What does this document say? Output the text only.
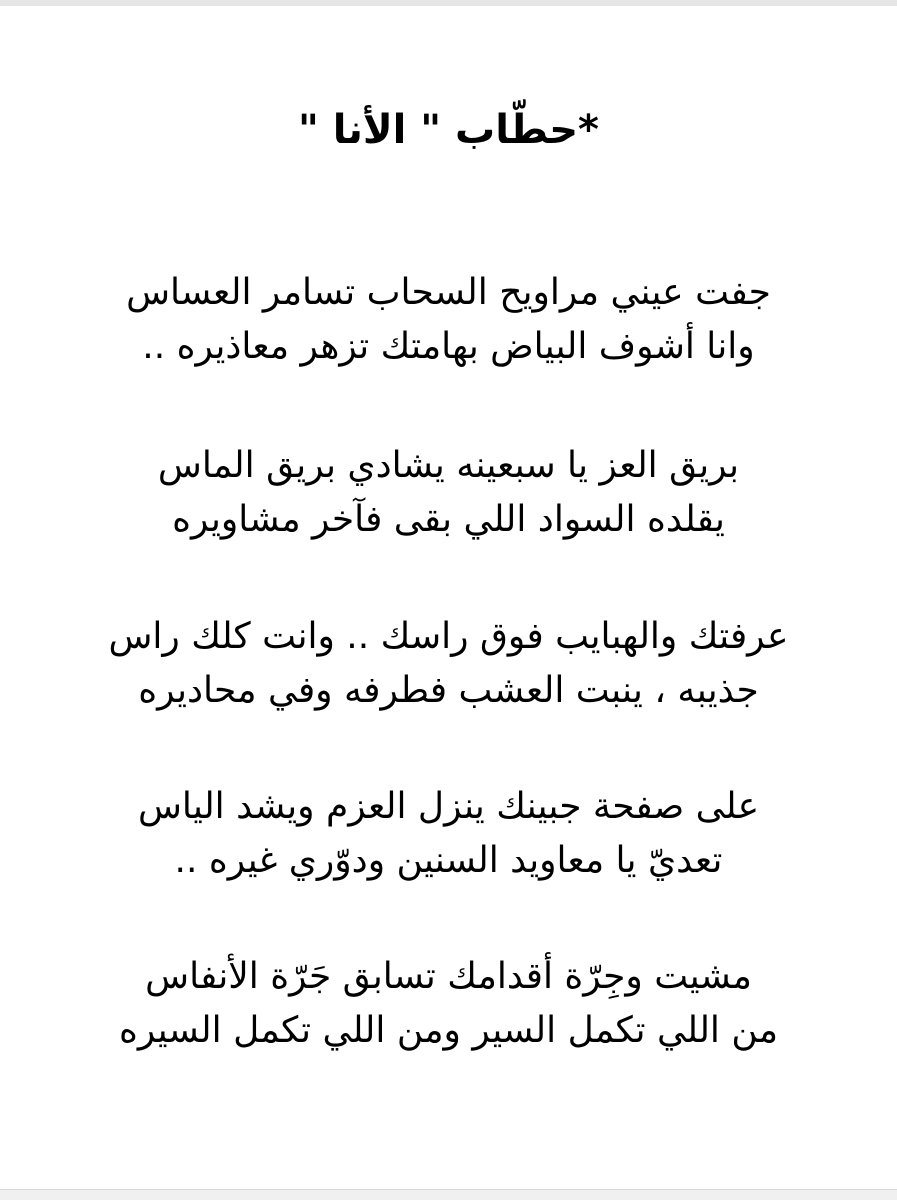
*حطّاب " الأنا "
جفت عيني مراويح السحاب تسامر العساس
وانا أشوف البياض بهامتك تزهر معاذيره ..
بريق العز يا سبعينه يشادي بريق الماس
يقلده السواد اللي بقى فآخر مشاويره
عرفتك والهبايب فوق راسك .. وانت كلك راس
جذيبه ، ينبت العشب فطرفه وفي محاديره
على صفحة جبينك ينزل العزم ويشد الياس
تعديّ يا معاويد السنين ودوّري غيره ..
مشيت وجِرّة أقدامك تسابق جَرّة الأنفاس
من اللي تكمل السير ومن اللي تكمل السيره
